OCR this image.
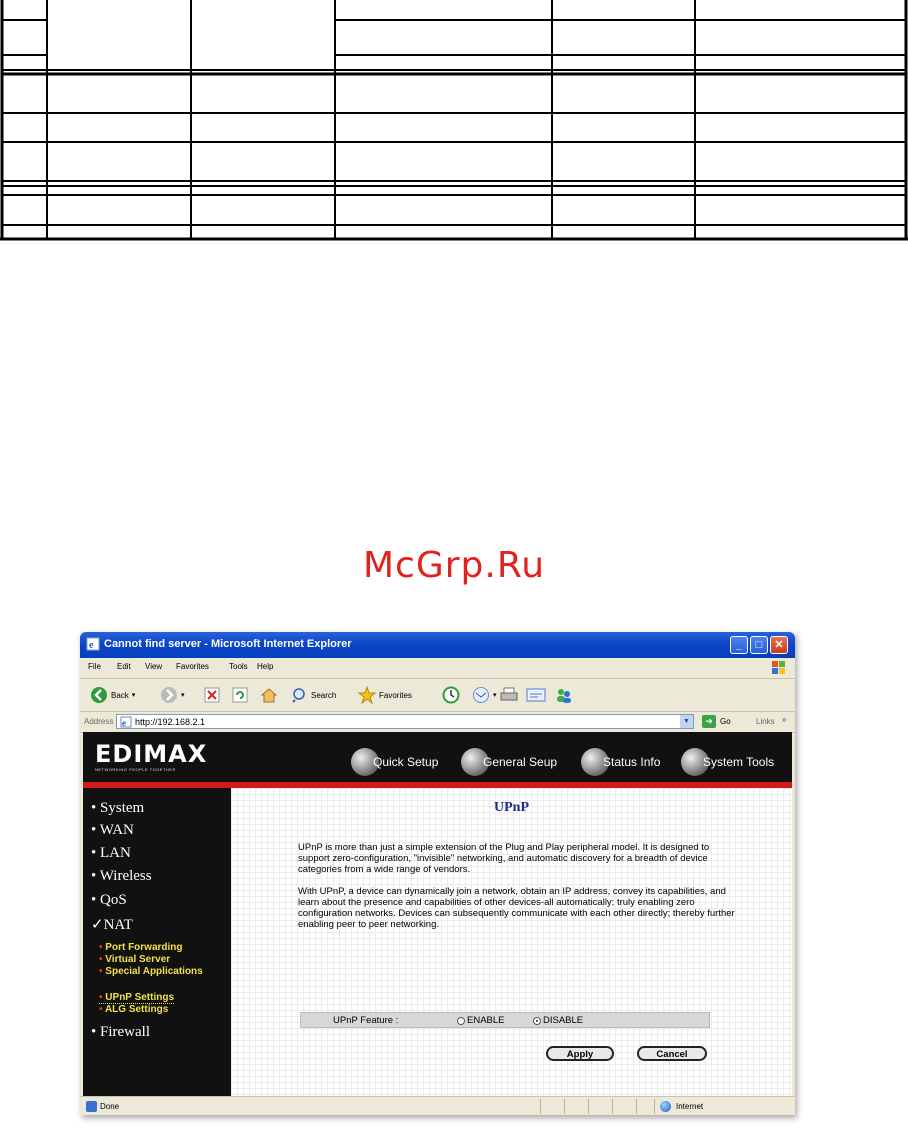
McGrp.Ru
e Cannot find server - Microsoft Internet Explorer	_	□	✕
File Edit View Favorites	Tools Help
Back ▾	▾	Search	Favorites	▾
Address e http://192.168.2.1	▼	➜ Go	Links »
EDIMAX
NETWORKING PEOPLE TOGETHER
Quick Setup	General Seup	Status Info	System Tools
• System
• WAN
• LAN
• Wireless
• QoS
✓NAT
• Port Forwarding
• Virtual Server
• Special Applications
• UPnP Settings
• ALG Settings
• Firewall
UPnP
UPnP is more than just a simple extension of the Plug and Play peripheral model. It is designed to support zero-configuration, "invisible" networking, and automatic discovery for a breadth of device categories from a wide range of vendors.
With UPnP, a device can dynamically join a network, obtain an IP address, convey its capabilities, and learn about the presence and capabilities of other devices-all automatically; truly enabling zero configuration networks. Devices can subsequently communicate with each other directly; thereby further enabling peer to peer networking.
UPnP Feature :	ENABLE	DISABLE
Apply	Cancel
Done	Internet
